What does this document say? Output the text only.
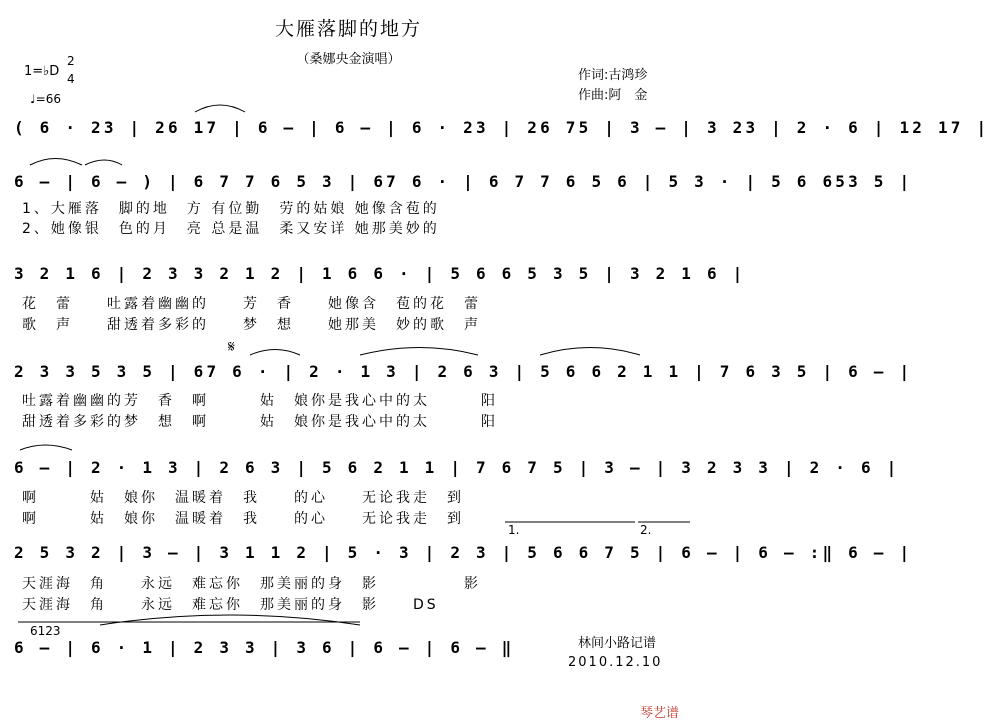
大雁落脚的地方
（桑娜央金演唱）
1=♭D
2
4
♩=66
作词:古鸿珍
作曲:阿　金
( 6 · 23 | 26 17 | 6 – | 6 – | 6 · 23 | 26 75 | 3 – | 3 23 | 2 · 6 | 12 17 |
6 – | 6 – ) | 6 7 7 6 5 3 | 67 6 · | 6 7 7 6 5 6 | 5 3 · | 5 6 653 5 |
1、大雁落　脚的地　方 有位勤　劳的姑娘 她像含苞的
2、她像银　色的月　亮 总是温　柔又安详 她那美妙的
3 2 1 6 | 2 3 3 2 1 2 | 1 6 6 · | 5 6 6 5 3 5 | 3 2 1 6 |
花　蕾　　吐露着幽幽的　　芳　香　　她像含　苞的花　蕾
歌　声　　甜透着多彩的　　梦　想　　她那美　妙的歌　声
2 3 3 5 3 5 | 67 6 · | 2 · 1 3 | 2 6 3 | 5 6 6 2 1 1 | 7 6 3 5 | 6 – |
吐露着幽幽的芳　香　啊　　　姑　娘你是我心中的太　　　阳
甜透着多彩的梦　想　啊　　　姑　娘你是我心中的太　　　阳
6 – | 2 · 1 3 | 2 6 3 | 5 6 2 1 1 | 7 6 7 5 | 3 – | 3 2 3 3 | 2 · 6 |
啊　　　姑　娘你　温暖着　我　　的心　　无论我走　到
啊　　　姑　娘你　温暖着　我　　的心　　无论我走　到
2 5 3 2 | 3 – | 3 1 1 2 | 5 · 3 | 2 3 | 5 6 6 7 5 | 6 – | 6 – :‖ 6 – |
天涯海　角　　永远　难忘你　那美丽的身　影　　　　　影
天涯海　角　　永远　难忘你　那美丽的身　影　　DS
6 – | 6 · 1 | 2 3 3 | 3 6 | 6 – | 6 – ‖
1.	2.
6123
𝄋
林间小路记谱
2010.12.10
琴艺谱
